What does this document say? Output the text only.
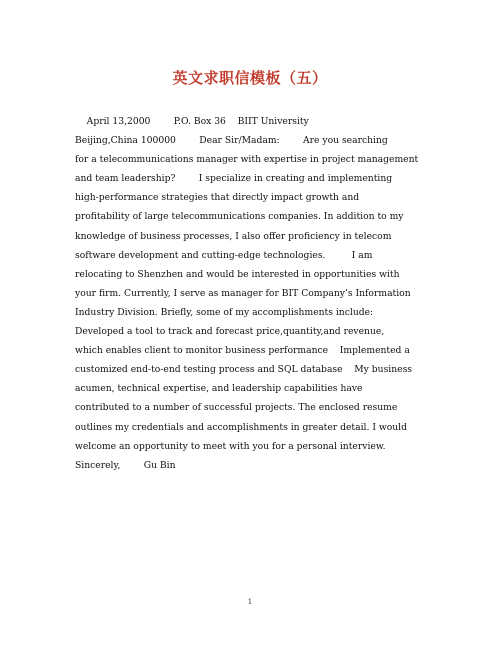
英文求职信模板（五）
April 13,2000        P.O. Box 36    BIIT University
Beijing,China 100000        Dear Sir/Madam:        Are you searching
for a telecommunications manager with expertise in project management
and team leadership?        I specialize in creating and implementing
high-performance strategies that directly impact growth and
profitability of large telecommunications companies. In addition to my
knowledge of business processes, I also offer proficiency in telecom
software development and cutting-edge technologies.         I am
relocating to Shenzhen and would be interested in opportunities with
your firm. Currently, I serve as manager for BIT Company’s Information
Industry Division. Briefly, some of my accomplishments include:
Developed a tool to track and forecast price,quantity,and revenue,
which enables client to monitor business performance    Implemented a
customized end-to-end testing process and SQL database    My business
acumen, technical expertise, and leadership capabilities have
contributed to a number of successful projects. The enclosed resume
outlines my credentials and accomplishments in greater detail. I would
welcome an opportunity to meet with you for a personal interview.
Sincerely,        Gu Bin
1
